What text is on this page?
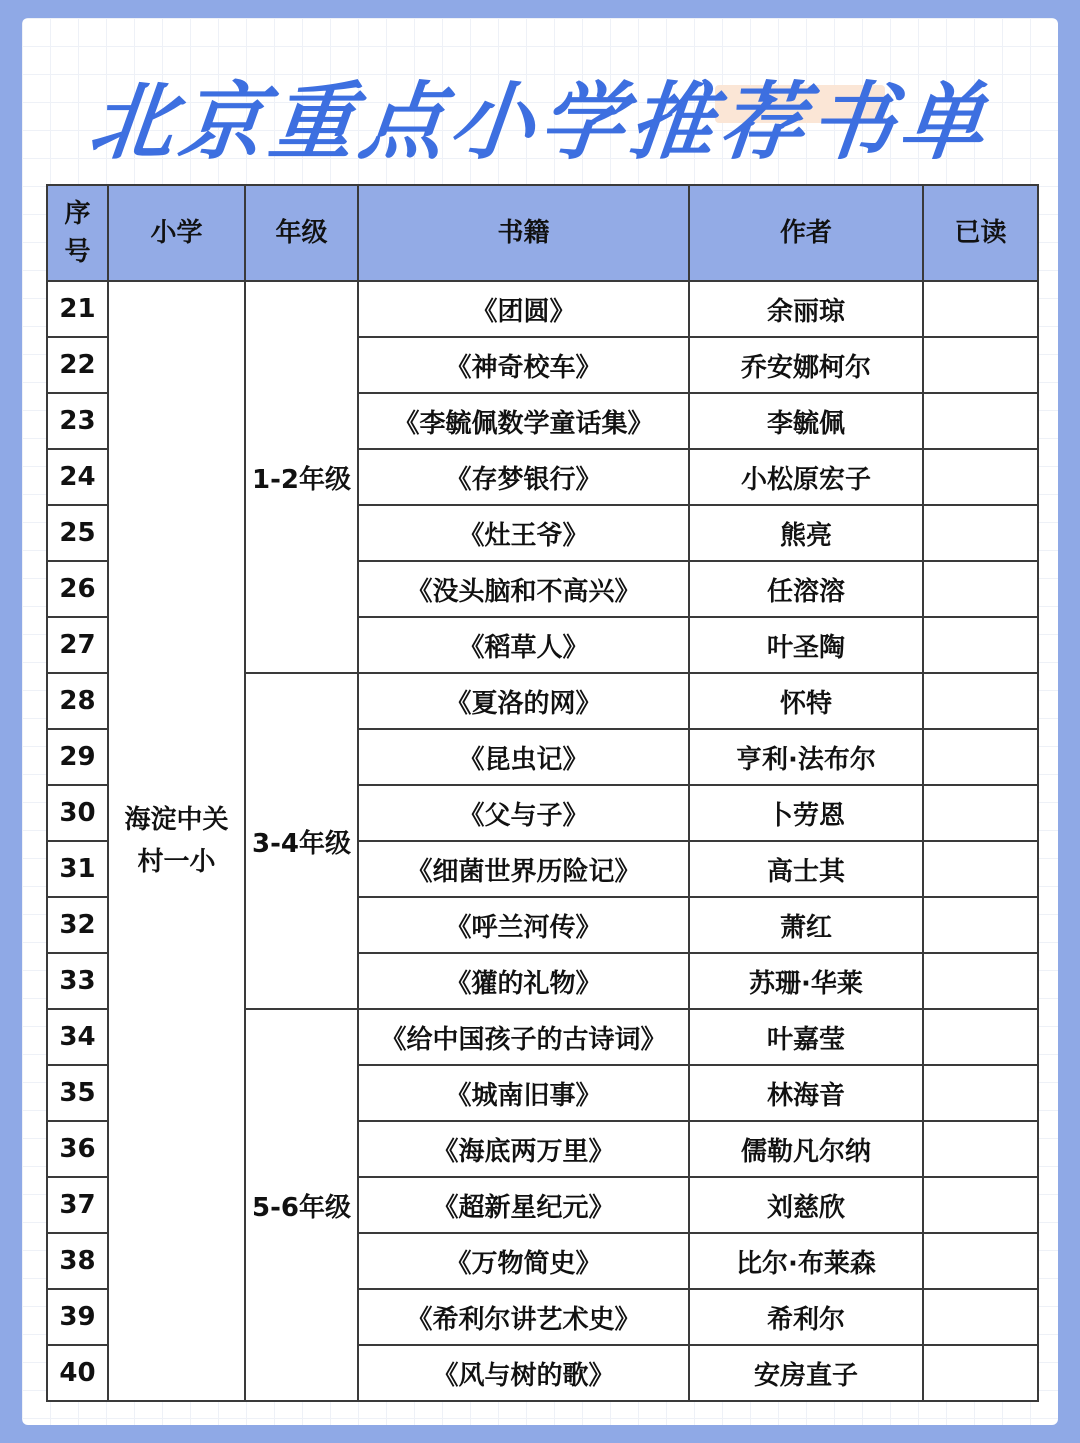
北京重点小学推荐书单
序号	小学	年级	书籍	作者	已读
21	海淀中关村一小	1-2年级	《团圆》	余丽琼	
22			《神奇校车》	乔安娜柯尔	
23			《李毓佩数学童话集》	李毓佩	
24			《存梦银行》	小松原宏子	
25			《灶王爷》	熊亮	
26			《没头脑和不高兴》	任溶溶	
27			《稻草人》	叶圣陶	
28		3-4年级	《夏洛的网》	怀特	
29			《昆虫记》	亨利·法布尔	
30			《父与子》	卜劳恩	
31			《细菌世界历险记》	高士其	
32			《呼兰河传》	萧红	
33			《獾的礼物》	苏珊·华莱	
34		5-6年级	《给中国孩子的古诗词》	叶嘉莹	
35			《城南旧事》	林海音	
36			《海底两万里》	儒勒凡尔纳	
37			《超新星纪元》	刘慈欣	
38			《万物简史》	比尔·布莱森	
39			《希利尔讲艺术史》	希利尔	
40			《风与树的歌》	安房直子	
